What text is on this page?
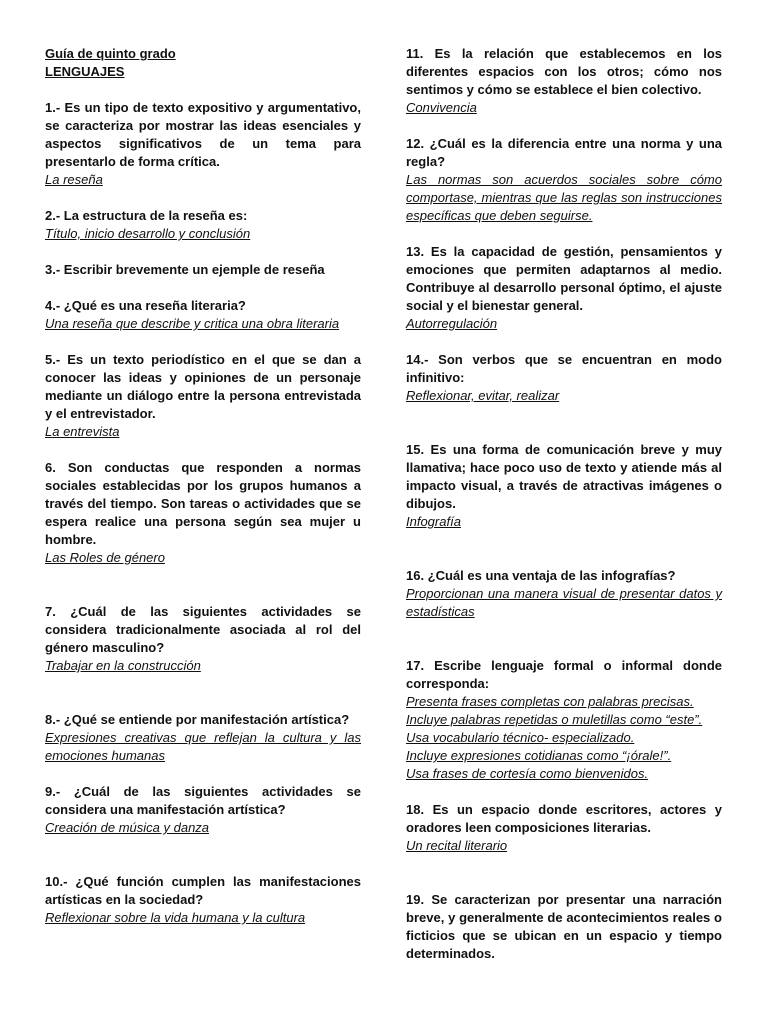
Guía de quinto grado
LENGUAJES
1.- Es un tipo de texto expositivo y argumentativo, se caracteriza por mostrar las ideas esenciales y aspectos significativos de un tema para presentarlo de forma crítica.
La reseña
2.- La estructura de la reseña es:
Título, inicio desarrollo y conclusión
3.- Escribir brevemente un ejemple de reseña
4.- ¿Qué es una reseña literaria?
Una reseña que describe y critica una obra literaria
5.- Es un texto periodístico en el que se dan a conocer las ideas y opiniones de un personaje mediante un diálogo entre la persona entrevistada y el entrevistador.
La entrevista
6. Son conductas que responden a normas sociales establecidas por los grupos humanos a través del tiempo. Son tareas o actividades que se espera realice una persona según sea mujer u hombre.
Las Roles de género
7. ¿Cuál de las siguientes actividades se considera tradicionalmente asociada al rol del género masculino?
Trabajar en la construcción
8.- ¿Qué se entiende por manifestación artística?
Expresiones creativas que reflejan la cultura y las emociones humanas
9.- ¿Cuál de las siguientes actividades se considera una manifestación artística?
Creación de música y danza
10.- ¿Qué función cumplen las manifestaciones artísticas en la sociedad?
Reflexionar sobre la vida humana y la cultura
11. Es la relación que establecemos en los diferentes espacios con los otros; cómo nos sentimos y cómo se establece el bien colectivo.
Convivencia
12. ¿Cuál es la diferencia entre una norma y una regla?
Las normas son acuerdos sociales sobre cómo comportase, mientras que las reglas son instrucciones específicas que deben seguirse.
13. Es la capacidad de gestión, pensamientos y emociones que permiten adaptarnos al medio. Contribuye al desarrollo personal óptimo, el ajuste social y el bienestar general.
Autorregulación
14.- Son verbos que se encuentran en modo infinitivo:
Reflexionar, evitar, realizar
15. Es una forma de comunicación breve y muy llamativa; hace poco uso de texto y atiende más al impacto visual, a través de atractivas imágenes o dibujos.
Infografía
16. ¿Cuál es una ventaja de las infografías?
Proporcionan una manera visual de presentar datos y estadísticas
17. Escribe lenguaje formal o informal donde corresponda:
Presenta frases completas con palabras precisas.
Incluye palabras repetidas o muletillas como “este”.
Usa vocabulario técnico- especializado.
Incluye expresiones cotidianas como “¡órale!”.
Usa frases de cortesía como bienvenidos.
18. Es un espacio donde escritores, actores y oradores leen composiciones literarias.
Un recital literario
19. Se caracterizan por presentar una narración breve, y generalmente de acontecimientos reales o ficticios que se ubican en un espacio y tiempo determinados.
